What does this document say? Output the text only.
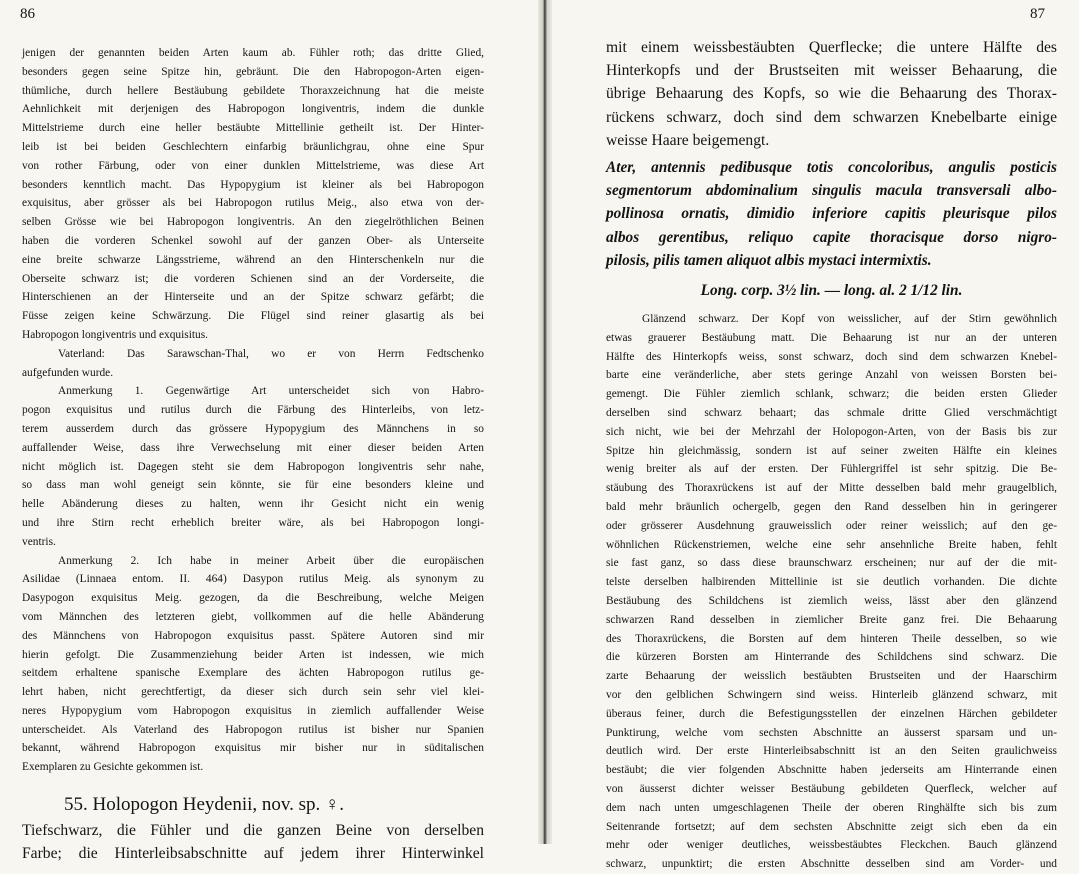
86
jenigen der genannten beiden Arten kaum ab. Fühler roth; das dritte Glied,
besonders gegen seine Spitze hin, gebräunt. Die den Habropogon-Arten eigen-
thümliche, durch hellere Bestäubung gebildete Thoraxzeichnung hat die meiste
Aehnlichkeit mit derjenigen des Habropogon longiventris, indem die dunkle
Mittelstrieme durch eine heller bestäubte Mittellinie getheilt ist. Der Hinter-
leib ist bei beiden Geschlechtern einfarbig bräunlichgrau, ohne eine Spur
von rother Färbung, oder von einer dunklen Mittelstrieme, was diese Art
besonders kenntlich macht. Das Hypopygium ist kleiner als bei Habropogon
exquisitus, aber grösser als bei Habropogon rutilus Meig., also etwa von der-
selben Grösse wie bei Habropogon longiventris. An den ziegelröthlichen Beinen
haben die vorderen Schenkel sowohl auf der ganzen Ober- als Unterseite
eine breite schwarze Längsstrieme, während an den Hinterschenkeln nur die
Oberseite schwarz ist; die vorderen Schienen sind an der Vorderseite, die
Hinterschienen an der Hinterseite und an der Spitze schwarz gefärbt; die
Füsse zeigen keine Schwärzung. Die Flügel sind reiner glasartig als bei
Habropogon longiventris und exquisitus.
Vaterland: Das Sarawschan-Thal, wo er von Herrn Fedtschenko
aufgefunden wurde.
Anmerkung 1. Gegenwärtige Art unterscheidet sich von Habro-
pogon exquisitus und rutilus durch die Färbung des Hinterleibs, von letz-
terem ausserdem durch das grössere Hypopygium des Männchens in so
auffallender Weise, dass ihre Verwechselung mit einer dieser beiden Arten
nicht möglich ist. Dagegen steht sie dem Habropogon longiventris sehr nahe,
so dass man wohl geneigt sein könnte, sie für eine besonders kleine und
helle Abänderung dieses zu halten, wenn ihr Gesicht nicht ein wenig
und ihre Stirn recht erheblich breiter wäre, als bei Habropogon longi-
ventris.
Anmerkung 2. Ich habe in meiner Arbeit über die europäischen
Asilidae (Linnaea entom. II. 464) Dasypon rutilus Meig. als synonym zu
Dasypogon exquisitus Meig. gezogen, da die Beschreibung, welche Meigen
vom Männchen des letzteren giebt, vollkommen auf die helle Abänderung
des Männchens von Habropogon exquisitus passt. Spätere Autoren sind mir
hierin gefolgt. Die Zusammenziehung beider Arten ist indessen, wie mich
seitdem erhaltene spanische Exemplare des ächten Habropogon rutilus ge-
lehrt haben, nicht gerechtfertigt, da dieser sich durch sein sehr viel klei-
neres Hypopygium vom Habropogon exquisitus in ziemlich auffallender Weise
unterscheidet. Als Vaterland des Habropogon rutilus ist bisher nur Spanien
bekannt, während Habropogon exquisitus mir bisher nur in süditalischen
Exemplaren zu Gesichte gekommen ist.
55. Holopogon Heydenii, nov. sp. ♀.
Tiefschwarz, die Fühler und die ganzen Beine von derselben
Farbe; die Hinterleibsabschnitte auf jedem ihrer Hinterwinkel
87
mit einem weissbestäubten Querflecke; die untere Hälfte des
Hinterkopfs und der Brustseiten mit weisser Behaarung, die
übrige Behaarung des Kopfs, so wie die Behaarung des Thorax-
rückens schwarz, doch sind dem schwarzen Knebelbarte einige
weisse Haare beigemengt.
Ater, antennis pedibusque totis concoloribus, angulis posticis
segmentorum abdominalium singulis macula transversali albo-
pollinosa ornatis, dimidio inferiore capitis pleurisque pilos
albos gerentibus, reliquo capite thoracisque dorso nigro-
pilosis, pilis tamen aliquot albis mystaci intermixtis.
Long. corp. 3½ lin. — long. al. 2 1/12 lin.
Glänzend schwarz. Der Kopf von weisslicher, auf der Stirn gewöhnlich
etwas grauerer Bestäubung matt. Die Behaarung ist nur an der unteren
Hälfte des Hinterkopfs weiss, sonst schwarz, doch sind dem schwarzen Knebel-
barte eine veränderliche, aber stets geringe Anzahl von weissen Borsten bei-
gemengt. Die Fühler ziemlich schlank, schwarz; die beiden ersten Glieder
derselben sind schwarz behaart; das schmale dritte Glied verschmächtigt
sich nicht, wie bei der Mehrzahl der Holopogon-Arten, von der Basis bis zur
Spitze hin gleichmässig, sondern ist auf seiner zweiten Hälfte ein kleines
wenig breiter als auf der ersten. Der Fühlergriffel ist sehr spitzig. Die Be-
stäubung des Thoraxrückens ist auf der Mitte desselben bald mehr graugelblich,
bald mehr bräunlich ochergelb, gegen den Rand desselben hin in geringerer
oder grösserer Ausdehnung grauweisslich oder reiner weisslich; auf den ge-
wöhnlichen Rückenstriemen, welche eine sehr ansehnliche Breite haben, fehlt
sie fast ganz, so dass diese braunschwarz erscheinen; nur auf der die mit-
telste derselben halbirenden Mittellinie ist sie deutlich vorhanden. Die dichte
Bestäubung des Schildchens ist ziemlich weiss, lässt aber den glänzend
schwarzen Rand desselben in ziemlicher Breite ganz frei. Die Behaarung
des Thoraxrückens, die Borsten auf dem hinteren Theile desselben, so wie
die kürzeren Borsten am Hinterrande des Schildchens sind schwarz. Die
zarte Behaarung der weisslich bestäubten Brustseiten und der Haarschirm
vor den gelblichen Schwingern sind weiss. Hinterleib glänzend schwarz, mit
überaus feiner, durch die Befestigungsstellen der einzelnen Härchen gebildeter
Punktirung, welche vom sechsten Abschnitte an äusserst sparsam und un-
deutlich wird. Der erste Hinterleibsabschnitt ist an den Seiten graulichweiss
bestäubt; die vier folgenden Abschnitte haben jederseits am Hinterrande einen
von äusserst dichter weisser Bestäubung gebildeten Querfleck, welcher auf
dem nach unten umgeschlagenen Theile der oberen Ringhälfte sich bis zum
Seitenrande fortsetzt; auf dem sechsten Abschnitte zeigt sich eben da ein
mehr oder weniger deutliches, weissbestäubtes Fleckchen. Bauch glänzend
schwarz, unpunktirt; die ersten Abschnitte desselben sind am Vorder- und
